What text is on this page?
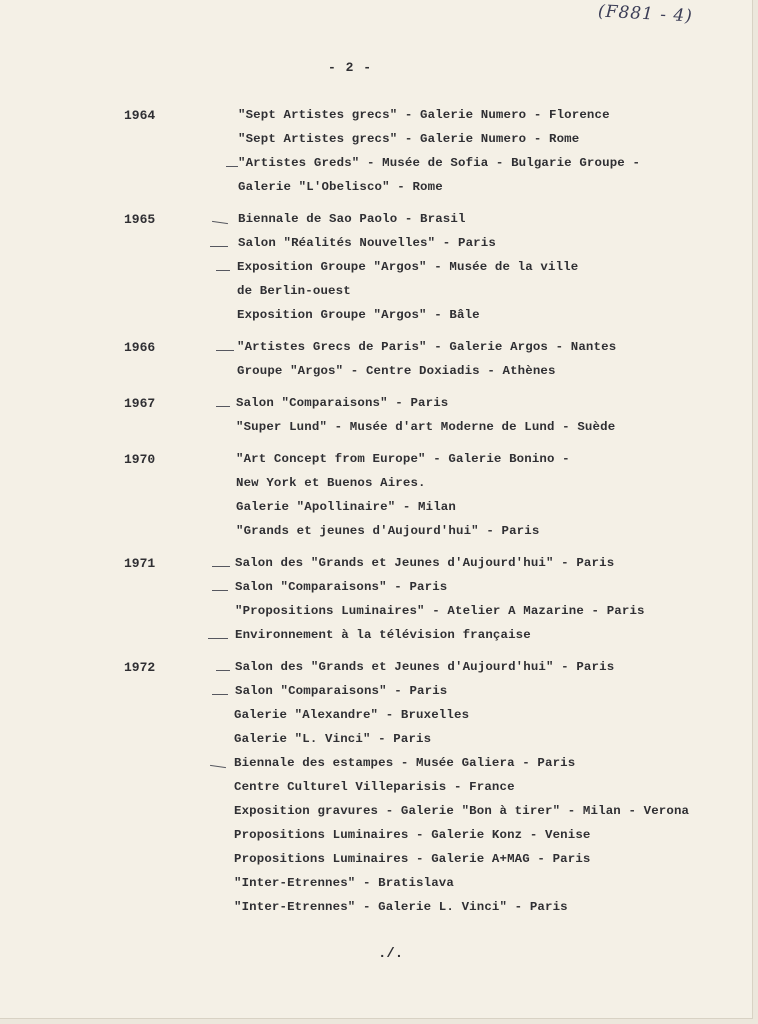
(F881 - 4)
- 2 -
1964	"Sept Artistes grecs" - Galerie Numero - Florence
"Sept Artistes grecs" - Galerie Numero - Rome
"Artistes Greds" - Musée de Sofia - Bulgarie Groupe -
Galerie "L'Obelisco" - Rome
1965	Biennale de Sao Paolo - Brasil
Salon "Réalités Nouvelles" - Paris
Exposition Groupe "Argos" - Musée de la ville
de Berlin-ouest
Exposition Groupe "Argos" - Bâle
1966	"Artistes Grecs de Paris" - Galerie Argos - Nantes
Groupe "Argos" - Centre Doxiadis - Athènes
1967	Salon "Comparaisons" - Paris
"Super Lund" - Musée d'art Moderne de Lund - Suède
1970	"Art Concept from Europe" - Galerie Bonino -
New York et Buenos Aires.
Galerie "Apollinaire" - Milan
"Grands et jeunes d'Aujourd'hui" - Paris
1971	Salon des "Grands et Jeunes d'Aujourd'hui" - Paris
Salon "Comparaisons" - Paris
"Propositions Luminaires" - Atelier A Mazarine - Paris
Environnement à la télévision française
1972	Salon des "Grands et Jeunes d'Aujourd'hui" - Paris
Salon "Comparaisons" - Paris
Galerie "Alexandre" - Bruxelles
Galerie "L. Vinci" - Paris
Biennale des estampes - Musée Galiera - Paris
Centre Culturel Villeparisis - France
Exposition gravures - Galerie "Bon à tirer" - Milan - Verona
Propositions Luminaires - Galerie Konz - Venise
Propositions Luminaires - Galerie A+MAG - Paris
"Inter-Etrennes" - Bratislava
"Inter-Etrennes" - Galerie L. Vinci" - Paris
./.
